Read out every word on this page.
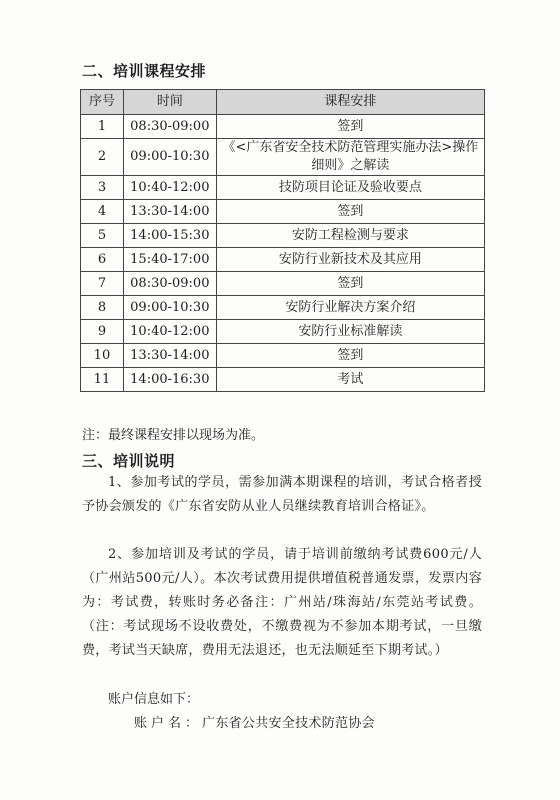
二、培训课程安排
序号	时间	课程安排
1	08:30-09:00	签到
2	09:00-10:30	《<广东省安全技术防范管理实施办法>操作细则》之解读
3	10:40-12:00	技防项目论证及验收要点
4	13:30-14:00	签到
5	14:00-15:30	安防工程检测与要求
6	15:40-17:00	安防行业新技术及其应用
7	08:30-09:00	签到
8	09:00-10:30	安防行业解决方案介绍
9	10:40-12:00	安防行业标准解读
10	13:30-14:00	签到
11	14:00-16:30	考试
注：最终课程安排以现场为准。
三、培训说明
1、参加考试的学员，需参加满本期课程的培训，考试合格者授予协会颁发的《广东省安防从业人员继续教育培训合格证》。
2、参加培训及考试的学员，请于培训前缴纳考试费600元/人（广州站500元/人）。本次考试费用提供增值税普通发票，发票内容为：考试费，转账时务必备注：广州站/珠海站/东莞站考试费。（注：考试现场不设收费处，不缴费视为不参加本期考试，一旦缴费，考试当天缺席，费用无法退还，也无法顺延至下期考试。）
账户信息如下：
账户名：广东省公共安全技术防范协会
